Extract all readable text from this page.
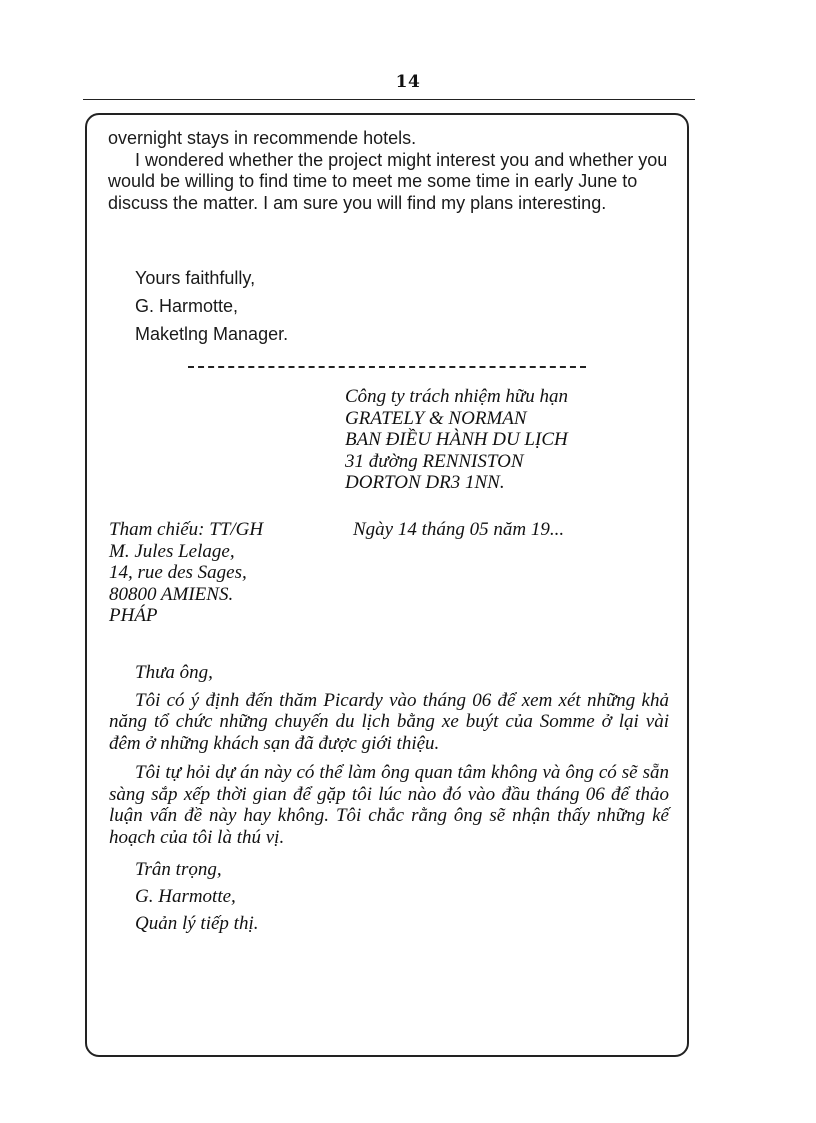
14

overnight stays in recommende hotels.

I wondered whether the project might interest you and whether you would be willing to find time to meet me some time in early June to discuss the matter. I am sure you will find my plans interesting.

Yours faithfully,

G. Harmotte,

Maketlng Manager.

Công ty trách nhiệm hữu hạn
GRATELY & NORMAN
BAN ĐIỀU HÀNH DU LỊCH
31 đường RENNISTON
DORTON DR3 1NN.
Tham chiếu: TT/GH
M. Jules Lelage,
14, rue des Sages,
80800 AMIENS.
PHÁP
Ngày 14 tháng 05 năm 19...

Thưa ông,

Tôi có ý định đến thăm Picardy vào tháng 06 để xem xét những khả năng tổ chức những chuyến du lịch bằng xe buýt của Somme ở lại vài đêm ở những khách sạn đã được giới thiệu.

Tôi tự hỏi dự án này có thể làm ông quan tâm không và ông có sẽ sẵn sàng sắp xếp thời gian để gặp tôi lúc nào đó vào đầu tháng 06 để thảo luận vấn đề này hay không. Tôi chắc rằng ông sẽ nhận thấy những kế hoạch của tôi là thú vị.

Trân trọng,

G. Harmotte,

Quản lý tiếp thị.
